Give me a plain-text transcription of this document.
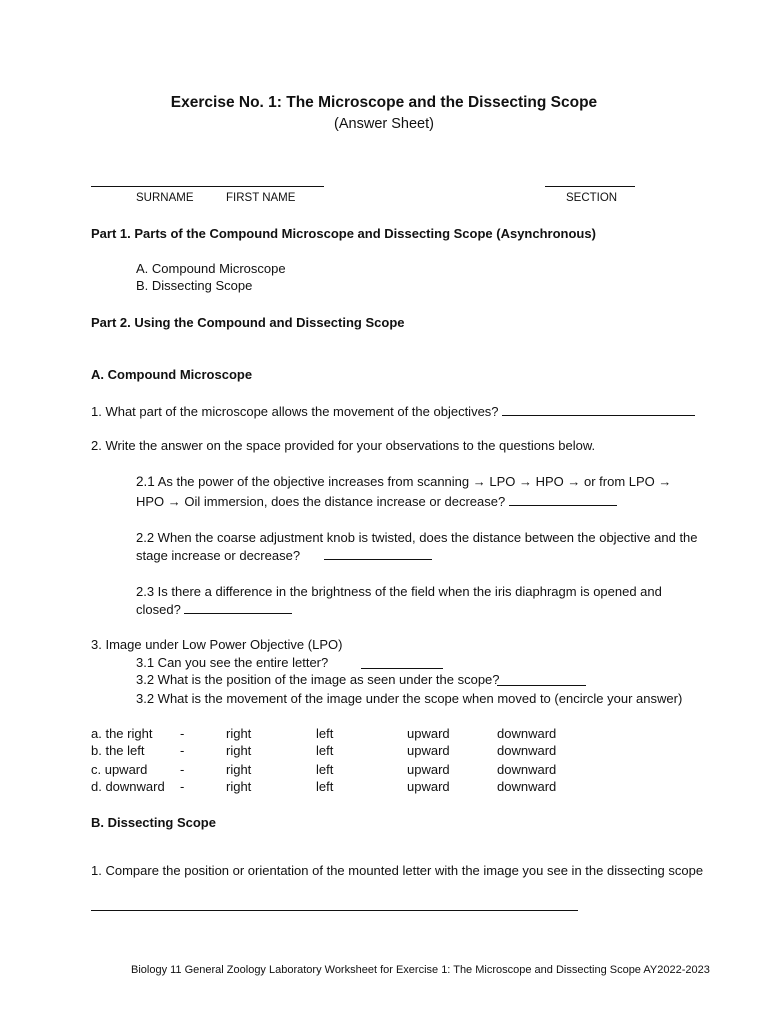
Exercise No. 1: The Microscope and the Dissecting Scope
(Answer Sheet)
SURNAME	FIRST NAME	SECTION
Part 1. Parts of the Compound Microscope and Dissecting Scope (Asynchronous)
A. Compound Microscope
B. Dissecting Scope
Part 2. Using the Compound and Dissecting Scope
A. Compound Microscope
1. What part of the microscope allows the movement of the objectives?
2. Write the answer on the space provided for your observations to the questions below.
2.1 As the power of the objective increases from scanning → LPO → HPO → or from LPO →
HPO → Oil immersion, does the distance increase or decrease?
2.2 When the coarse adjustment knob is twisted, does the distance between the objective and the
stage increase or decrease?
2.3 Is there a difference in the brightness of the field when the iris diaphragm is opened and
closed?
3. Image under Low Power Objective (LPO)
3.1 Can you see the entire letter?
3.2 What is the position of the image as seen under the scope?
3.2 What is the movement of the image under the scope when moved to (encircle your answer)
a. the right -	right	left	upward	downward
b. the left	-	right	left	upward	downward
c. upward	-	right	left	upward	downward
d. downward -	right	left	upward	downward
B. Dissecting Scope
1. Compare the position or orientation of the mounted letter with the image you see in the dissecting scope
Biology 11 General Zoology Laboratory Worksheet for Exercise 1: The Microscope and Dissecting Scope AY2022-2023
